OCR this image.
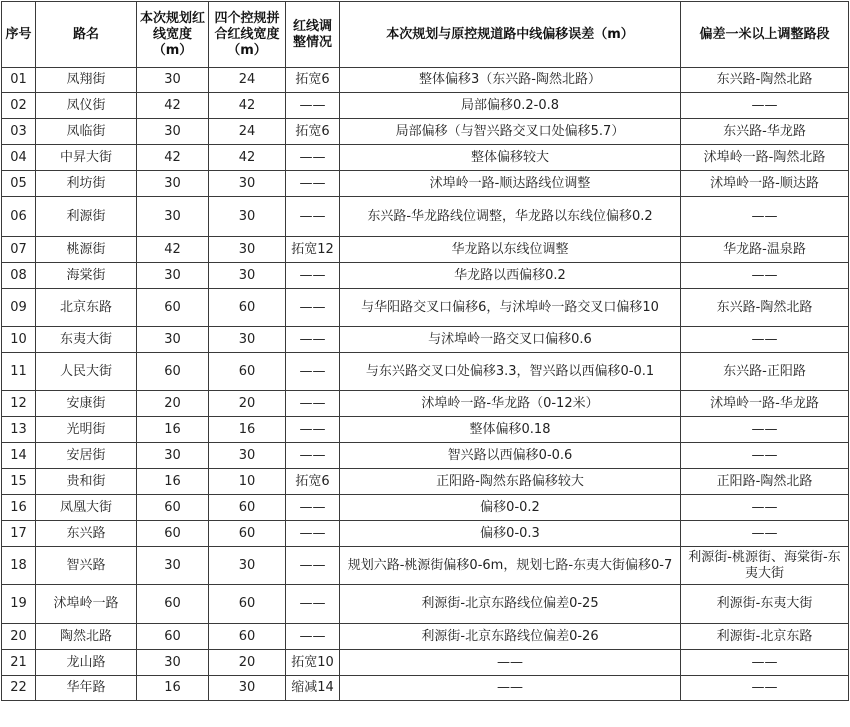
序号	路名	本次规划红线宽度（m）	四个控规拼合红线宽度（m）	红线调整情况	本次规划与原控规道路中线偏移误差（m）	偏差一米以上调整路段
01	凤翔街	30	24	拓宽6	整体偏移3（东兴路-陶然北路）	东兴路-陶然北路
02	凤仪街	42	42	——	局部偏移0.2-0.8	——
03	凤临街	30	24	拓宽6	局部偏移（与智兴路交叉口处偏移5.7）	东兴路-华龙路
04	中昇大街	42	42	——	整体偏移较大	沭埠岭一路-陶然北路
05	利坊街	30	30	——	沭埠岭一路-顺达路线位调整	沭埠岭一路-顺达路
06	利源街	30	30	——	东兴路-华龙路线位调整，华龙路以东线位偏移0.2	——
07	桃源街	42	30	拓宽12	华龙路以东线位调整	华龙路-温泉路
08	海棠街	30	30	——	华龙路以西偏移0.2	——
09	北京东路	60	60	——	与华阳路交叉口偏移6，与沭埠岭一路交叉口偏移10	东兴路-陶然北路
10	东夷大街	30	30	——	与沭埠岭一路交叉口偏移0.6	——
11	人民大街	60	60	——	与东兴路交叉口处偏移3.3，智兴路以西偏移0-0.1	东兴路-正阳路
12	安康街	20	20	——	沭埠岭一路-华龙路（0-12米）	沭埠岭一路-华龙路
13	光明街	16	16	——	整体偏移0.18	——
14	安居街	30	30	——	智兴路以西偏移0-0.6	——
15	贵和街	16	10	拓宽6	正阳路-陶然东路偏移较大	正阳路-陶然北路
16	凤凰大街	60	60	——	偏移0-0.2	——
17	东兴路	60	60	——	偏移0-0.3	——
18	智兴路	30	30	——	规划六路-桃源街偏移0-6m，规划七路-东夷大街偏移0-7	利源街-桃源街、海棠街-东夷大街
19	沭埠岭一路	60	60	——	利源街-北京东路线位偏差0-25	利源街-东夷大街
20	陶然北路	60	60	——	利源街-北京东路线位偏差0-26	利源街-北京东路
21	龙山路	30	20	拓宽10	——	——
22	华年路	16	30	缩减14	——	——
